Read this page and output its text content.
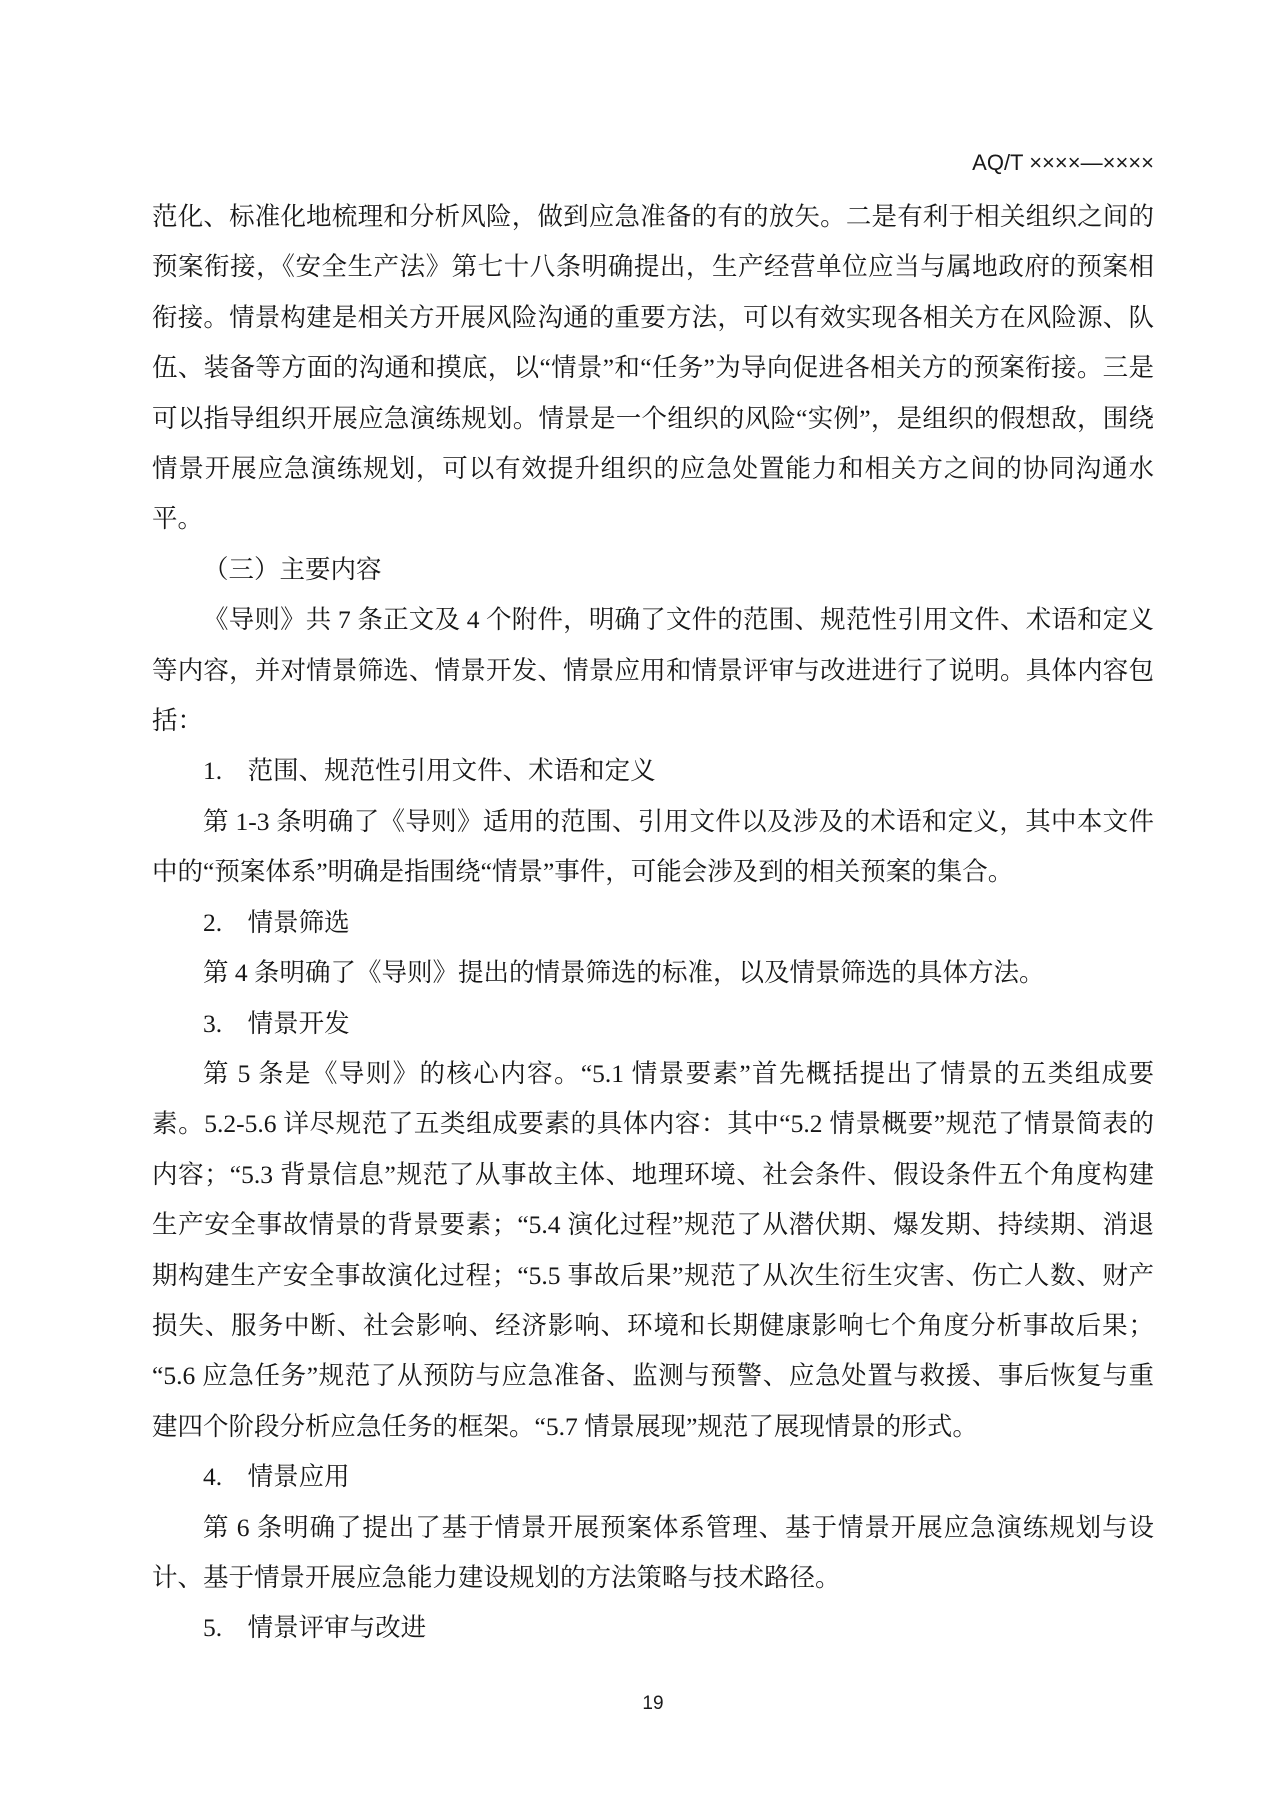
AQ/T ××××—××××

范化、标准化地梳理和分析风险，做到应急准备的有的放矢。二是有利于相关组织之间的预案衔接，《安全生产法》第七十八条明确提出，生产经营单位应当与属地政府的预案相衔接。情景构建是相关方开展风险沟通的重要方法，可以有效实现各相关方在风险源、队伍、装备等方面的沟通和摸底，以“情景”和“任务”为导向促进各相关方的预案衔接。三是可以指导组织开展应急演练规划。情景是一个组织的风险“实例”，是组织的假想敌，围绕情景开展应急演练规划，可以有效提升组织的应急处置能力和相关方之间的协同沟通水平。

（三）主要内容

《导则》共 7 条正文及 4 个附件，明确了文件的范围、规范性引用文件、术语和定义等内容，并对情景筛选、情景开发、情景应用和情景评审与改进进行了说明。具体内容包括：

1.　范围、规范性引用文件、术语和定义

第 1-3 条明确了《导则》适用的范围、引用文件以及涉及的术语和定义，其中本文件中的“预案体系”明确是指围绕“情景”事件，可能会涉及到的相关预案的集合。

2.　情景筛选

第 4 条明确了《导则》提出的情景筛选的标准，以及情景筛选的具体方法。

3.　情景开发

第 5 条是《导则》的核心内容。“5.1 情景要素”首先概括提出了情景的五类组成要素。5.2-5.6 详尽规范了五类组成要素的具体内容：其中“5.2 情景概要”规范了情景简表的内容；“5.3 背景信息”规范了从事故主体、地理环境、社会条件、假设条件五个角度构建生产安全事故情景的背景要素；“5.4 演化过程”规范了从潜伏期、爆发期、持续期、消退期构建生产安全事故演化过程；“5.5 事故后果”规范了从次生衍生灾害、伤亡人数、财产损失、服务中断、社会影响、经济影响、环境和长期健康影响七个角度分析事故后果；“5.6 应急任务”规范了从预防与应急准备、监测与预警、应急处置与救援、事后恢复与重建四个阶段分析应急任务的框架。“5.7 情景展现”规范了展现情景的形式。

4.　情景应用

第 6 条明确了提出了基于情景开展预案体系管理、基于情景开展应急演练规划与设计、基于情景开展应急能力建设规划的方法策略与技术路径。

5.　情景评审与改进

19
